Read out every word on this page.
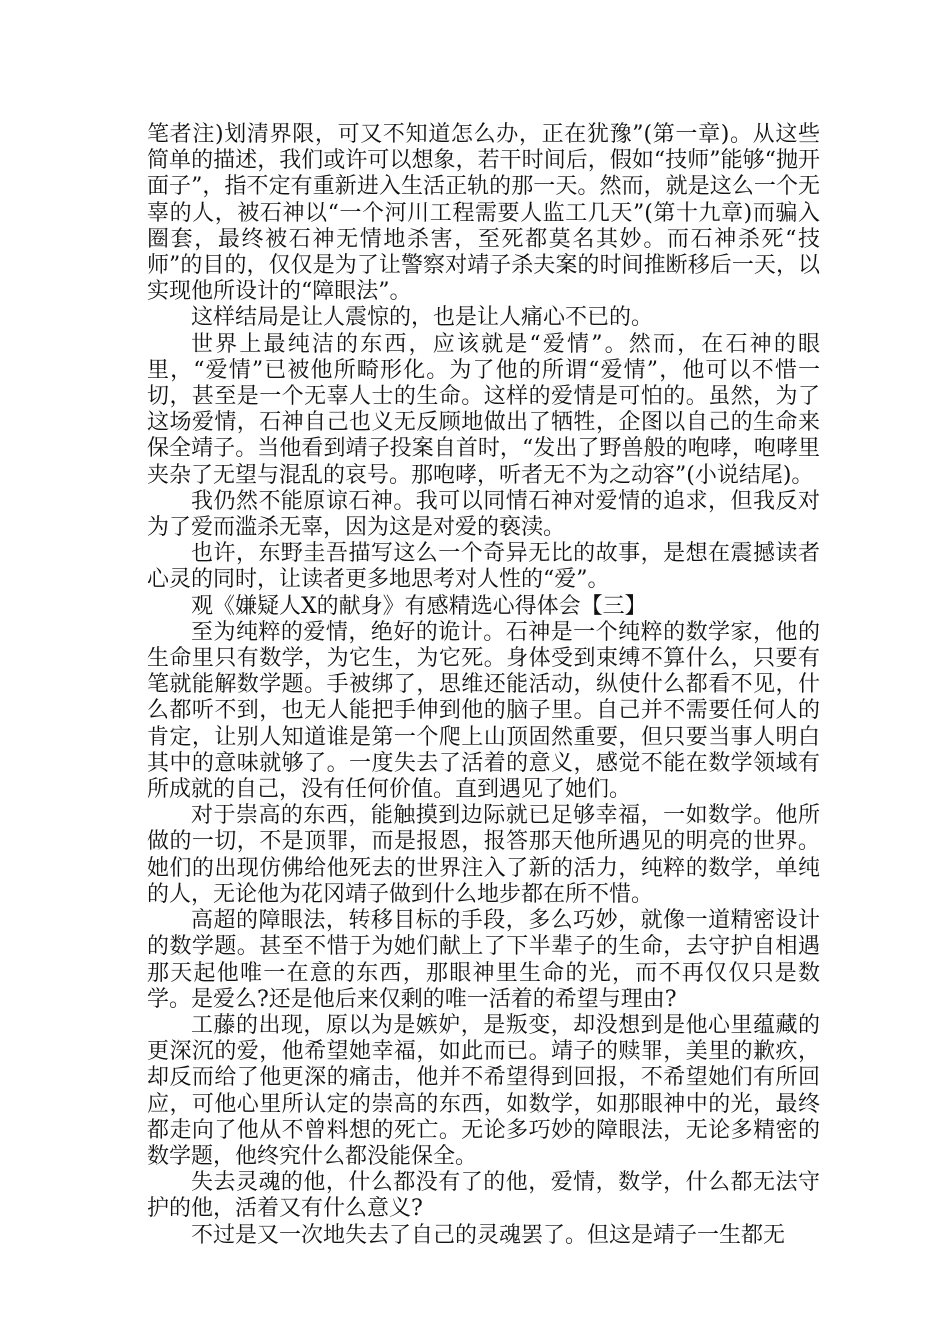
笔者注)划清界限，可又不知道怎么办，正在犹豫”(第一章)。从这些简单的描述，我们或许可以想象，若干时间后，假如“技师”能够“抛开面子”，指不定有重新进入生活正轨的那一天。然而，就是这么一个无辜的人，被石神以“一个河川工程需要人监工几天”(第十九章)而骗入圈套，最终被石神无情地杀害，至死都莫名其妙。而石神杀死“技师”的目的，仅仅是为了让警察对靖子杀夫案的时间推断移后一天，以实现他所设计的“障眼法”。

这样结局是让人震惊的，也是让人痛心不已的。

世界上最纯洁的东西，应该就是“爱情”。然而，在石神的眼里，“爱情”已被他所畸形化。为了他的所谓“爱情”，他可以不惜一切，甚至是一个无辜人士的生命。这样的爱情是可怕的。虽然，为了这场爱情，石神自己也义无反顾地做出了牺牲，企图以自己的生命来保全靖子。当他看到靖子投案自首时，“发出了野兽般的咆哮，咆哮里夹杂了无望与混乱的哀号。那咆哮，听者无不为之动容”(小说结尾)。

我仍然不能原谅石神。我可以同情石神对爱情的追求，但我反对为了爱而滥杀无辜，因为这是对爱的亵渎。

也许，东野圭吾描写这么一个奇异无比的故事，是想在震撼读者心灵的同时，让读者更多地思考对人性的“爱”。

观《嫌疑人X的献身》有感精选心得体会【三】

至为纯粹的爱情，绝好的诡计。石神是一个纯粹的数学家，他的生命里只有数学，为它生，为它死。身体受到束缚不算什么，只要有笔就能解数学题。手被绑了，思维还能活动，纵使什么都看不见，什么都听不到，也无人能把手伸到他的脑子里。自己并不需要任何人的肯定，让别人知道谁是第一个爬上山顶固然重要，但只要当事人明白其中的意味就够了。一度失去了活着的意义，感觉不能在数学领域有所成就的自己，没有任何价值。直到遇见了她们。

对于崇高的东西，能触摸到边际就已足够幸福，一如数学。他所做的一切，不是顶罪，而是报恩，报答那天他所遇见的明亮的世界。她们的出现仿佛给他死去的世界注入了新的活力，纯粹的数学，单纯的人，无论他为花冈靖子做到什么地步都在所不惜。

高超的障眼法，转移目标的手段，多么巧妙，就像一道精密设计的数学题。甚至不惜于为她们献上了下半辈子的生命，去守护自相遇那天起他唯一在意的东西，那眼神里生命的光，而不再仅仅只是数学。是爱么?还是他后来仅剩的唯一活着的希望与理由?

工藤的出现，原以为是嫉妒，是叛变，却没想到是他心里蕴藏的更深沉的爱，他希望她幸福，如此而已。靖子的赎罪，美里的歉疚，却反而给了他更深的痛击，他并不希望得到回报，不希望她们有所回应，可他心里所认定的崇高的东西，如数学，如那眼神中的光，最终都走向了他从不曾料想的死亡。无论多巧妙的障眼法，无论多精密的数学题，他终究什么都没能保全。

失去灵魂的他，什么都没有了的他，爱情，数学，什么都无法守护的他，活着又有什么意义?

不过是又一次地失去了自己的灵魂罢了。但这是靖子一生都无
